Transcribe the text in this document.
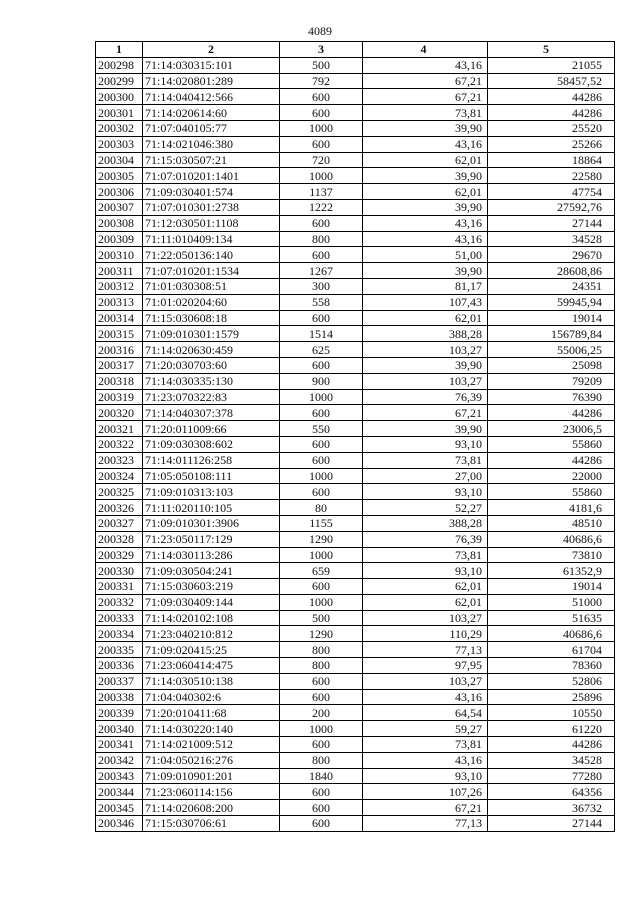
4089
1	2	3	4	5
200298	71:14:030315:101	500	43,16	21055
200299	71:14:020801:289	792	67,21	58457,52
200300	71:14:040412:566	600	67,21	44286
200301	71:14:020614:60	600	73,81	44286
200302	71:07:040105:77	1000	39,90	25520
200303	71:14:021046:380	600	43,16	25266
200304	71:15:030507:21	720	62,01	18864
200305	71:07:010201:1401	1000	39,90	22580
200306	71:09:030401:574	1137	62,01	47754
200307	71:07:010301:2738	1222	39,90	27592,76
200308	71:12:030501:1108	600	43,16	27144
200309	71:11:010409:134	800	43,16	34528
200310	71:22:050136:140	600	51,00	29670
200311	71:07:010201:1534	1267	39,90	28608,86
200312	71:01:030308:51	300	81,17	24351
200313	71:01:020204:60	558	107,43	59945,94
200314	71:15:030608:18	600	62,01	19014
200315	71:09:010301:1579	1514	388,28	156789,84
200316	71:14:020630:459	625	103,27	55006,25
200317	71:20:030703:60	600	39,90	25098
200318	71:14:030335:130	900	103,27	79209
200319	71:23:070322:83	1000	76,39	76390
200320	71:14:040307:378	600	67,21	44286
200321	71:20:011009:66	550	39,90	23006,5
200322	71:09:030308:602	600	93,10	55860
200323	71:14:011126:258	600	73,81	44286
200324	71:05:050108:111	1000	27,00	22000
200325	71:09:010313:103	600	93,10	55860
200326	71:11:020110:105	80	52,27	4181,6
200327	71:09:010301:3906	1155	388,28	48510
200328	71:23:050117:129	1290	76,39	40686,6
200329	71:14:030113:286	1000	73,81	73810
200330	71:09:030504:241	659	93,10	61352,9
200331	71:15:030603:219	600	62,01	19014
200332	71:09:030409:144	1000	62,01	51000
200333	71:14:020102:108	500	103,27	51635
200334	71:23:040210:812	1290	110,29	40686,6
200335	71:09:020415:25	800	77,13	61704
200336	71:23:060414:475	800	97,95	78360
200337	71:14:030510:138	600	103,27	52806
200338	71:04:040302:6	600	43,16	25896
200339	71:20:010411:68	200	64,54	10550
200340	71:14:030220:140	1000	59,27	61220
200341	71:14:021009:512	600	73,81	44286
200342	71:04:050216:276	800	43,16	34528
200343	71:09:010901:201	1840	93,10	77280
200344	71:23:060114:156	600	107,26	64356
200345	71:14:020608:200	600	67,21	36732
200346	71:15:030706:61	600	77,13	27144
